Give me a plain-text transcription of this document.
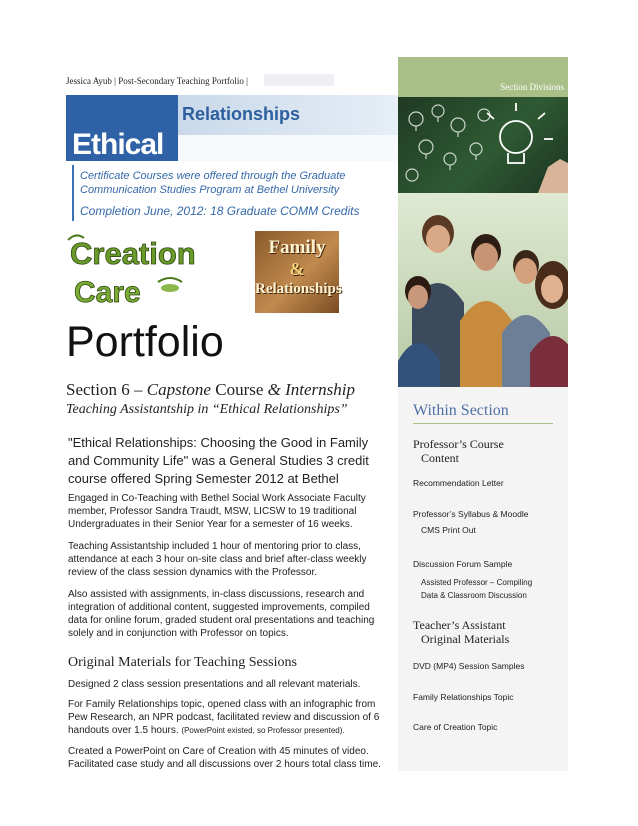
Jessica Ayub | Post-Secondary Teaching Portfolio |
Section Divisions
Ethical
Relationships
Certificate Courses were offered through the Graduate
Communication Studies Program at Bethel University
Completion June, 2012: 18 Graduate COMM Credits
Creation
Care
Family
&
Relationships
Portfolio
Section 6 – Capstone Course & Internship
Teaching Assistantship in “Ethical Relationships”
"Ethical Relationships: Choosing the Good in Family
and Community Life" was a General Studies 3 credit
course offered Spring Semester 2012 at Bethel
Engaged in Co-Teaching with Bethel Social Work Associate Faculty
member, Professor Sandra Traudt, MSW, LICSW to 19 traditional
Undergraduates in their Senior Year for a semester of 16 weeks.
Teaching Assistantship included 1 hour of mentoring prior to class,
attendance at each 3 hour on-site class and brief after-class weekly
review of the class session dynamics with the Professor.
Also assisted with assignments, in-class discussions, research and
integration of additional content, suggested improvements, compiled
data for online forum, graded student oral presentations and teaching
solely and in conjunction with Professor on topics.
Original Materials for Teaching Sessions
Designed 2 class session presentations and all relevant materials.
For Family Relationships topic, opened class with an infographic from
Pew Research, an NPR podcast, facilitated review and discussion of 6
handouts over 1.5 hours. (PowerPoint existed, so Professor presented).
Created a PowerPoint on Care of Creation with 45 minutes of video.
Facilitated case study and all discussions over 2 hours total class time.
Within Section
Professor’s Course
Content
Recommendation Letter
Professor’s Syllabus & Moodle
CMS Print Out
Discussion Forum Sample
Assisted Professor – Compiling
Data & Classroom Discussion
Teacher’s Assistant
Original Materials
DVD (MP4) Session Samples
Family Relationships Topic
Care of Creation Topic
